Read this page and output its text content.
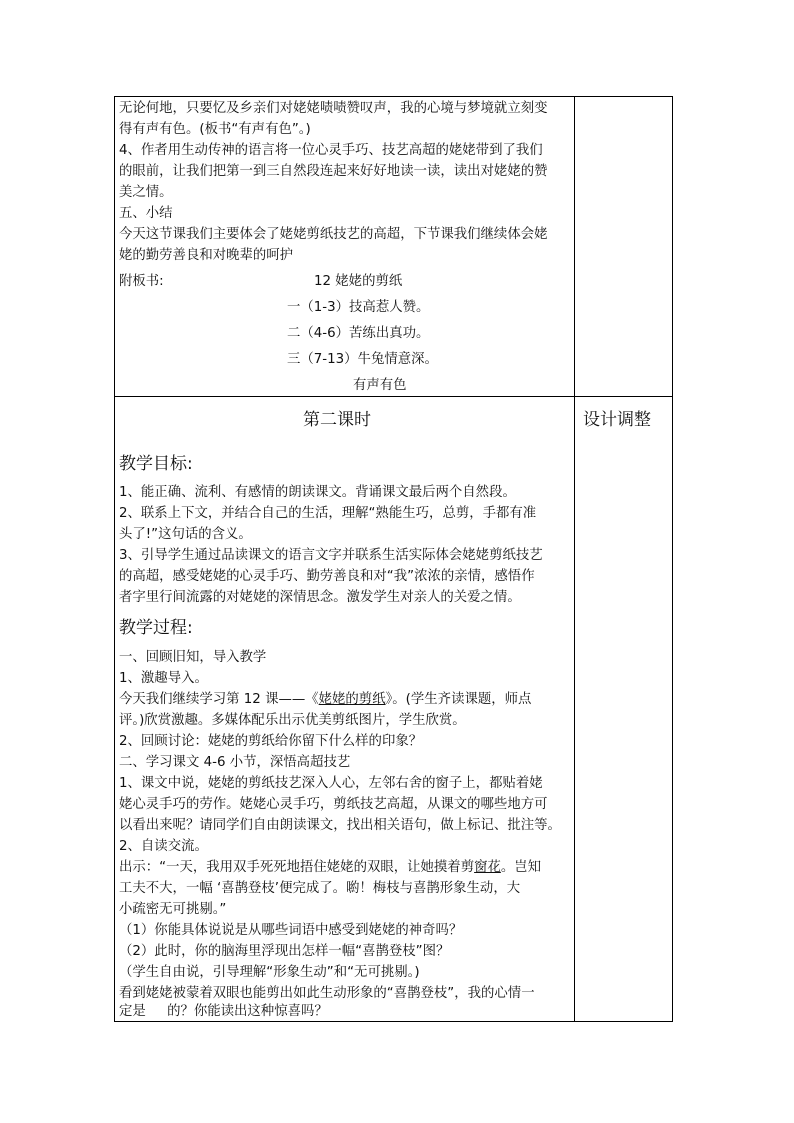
无论何地，只要忆及乡亲们对姥姥啧啧赞叹声，我的心境与梦境就立刻变
得有声有色。(板书“有声有色”。)
4、作者用生动传神的语言将一位心灵手巧、技艺高超的姥姥带到了我们
的眼前，让我们把第一到三自然段连起来好好地读一读，读出对姥姥的赞
美之情。
五、小结
今天这节课我们主要体会了姥姥剪纸技艺的高超，下节课我们继续体会姥
姥的勤劳善良和对晚辈的呵护
附板书:	12 姥姥的剪纸
一（1-3）技高惹人赞。
二（4-6）苦练出真功。
三（7-13）牛兔情意深。
有声有色
第二课时
教学目标:
1、能正确、流利、有感情的朗读课文。背诵课文最后两个自然段。
2、联系上下文，并结合自己的生活，理解“熟能生巧，总剪，手都有准
头了!”这句话的含义。
3、引导学生通过品读课文的语言文字并联系生活实际体会姥姥剪纸技艺
的高超，感受姥姥的心灵手巧、勤劳善良和对“我”浓浓的亲情，感悟作
者字里行间流露的对姥姥的深情思念。激发学生对亲人的关爱之情。
教学过程:
一、回顾旧知，导入教学
1、激趣导入。
今天我们继续学习第 12 课——《姥姥的剪纸》。(学生齐读课题，师点
评。)欣赏激趣。多媒体配乐出示优美剪纸图片，学生欣赏。
2、回顾讨论：姥姥的剪纸给你留下什么样的印象？
二、学习课文 4-6 小节，深悟高超技艺
1、课文中说，姥姥的剪纸技艺深入人心，左邻右舍的窗子上，都贴着姥
姥心灵手巧的劳作。姥姥心灵手巧，剪纸技艺高超，从课文的哪些地方可
以看出来呢？请同学们自由朗读课文，找出相关语句，做上标记、批注等。
2、自读交流。
出示：“一天，我用双手死死地捂住姥姥的双眼，让她摸着剪窗花。岂知
工夫不大，一幅 ‘喜鹊登枝’便完成了。喲！梅枝与喜鹊形象生动，大
小疏密无可挑剔。”
（1）你能具体说说是从哪些词语中感受到姥姥的神奇吗？
（2）此时，你的脑海里浮现出怎样一幅“喜鹊登枝”图？
（学生自由说，引导理解“形象生动”和“无可挑剔。)
看到姥姥被蒙着双眼也能剪出如此生动形象的“喜鹊登枝”，我的心情一
定是     的？你能读出这种惊喜吗？
设计调整
